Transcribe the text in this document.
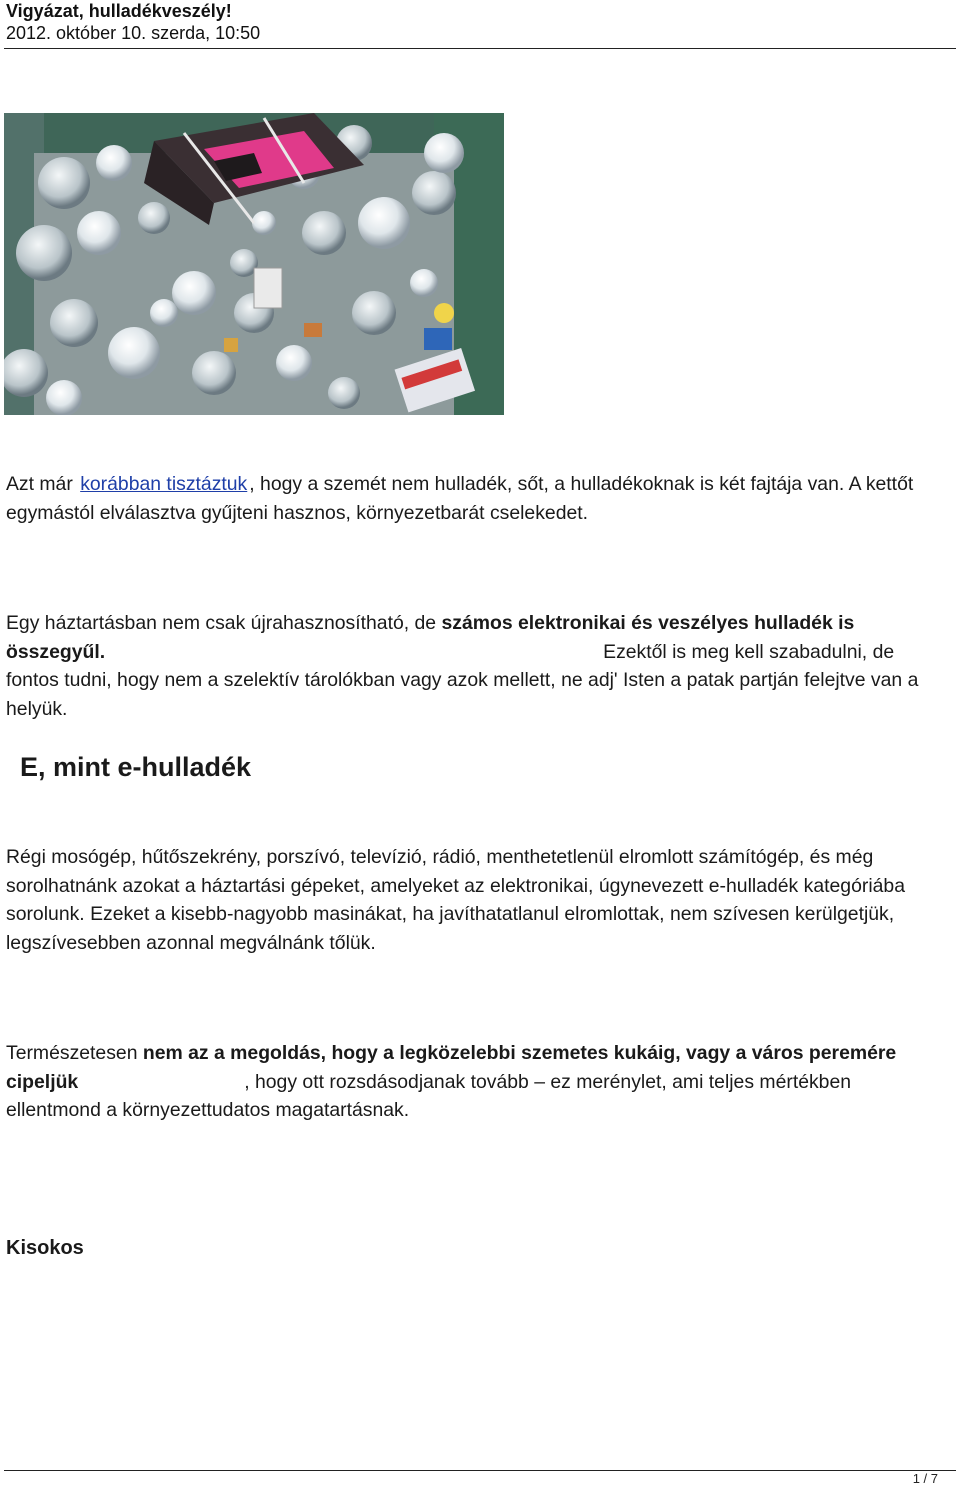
Vigyázat, hulladékveszély!
2012. október 10. szerda, 10:50
Azt már korábban tisztáztuk , hogy a szemét nem hulladék, sőt, a hulladékoknak is két fajtája van. A kettőt egymástól elválasztva gyűjteni hasznos, környezetbarát cselekedet.
Egy háztartásban nem csak újrahasznosítható, de számos elektronikai és veszélyes hulladék is összegyűl.	Ezektől is meg kell szabadulni, de fontos tudni, hogy nem a szelektív tárolókban vagy azok mellett, ne adj' Isten a patak partján felejtve van a helyük.
E, mint e-hulladék
Régi mosógép, hűtőszekrény, porszívó, televízió, rádió, menthetetlenül elromlott számítógép, és még sorolhatnánk azokat a háztartási gépeket, amelyeket az elektronikai, úgynevezett e-hulladék kategóriába sorolunk. Ezeket a kisebb-nagyobb masinákat, ha javíthatatlanul elromlottak, nem szívesen kerülgetjük, legszívesebben azonnal megválnánk tőlük.
Természetesen nem az a megoldás, hogy a legközelebbi szemetes kukáig, vagy a város peremére cipeljük	, hogy ott rozsdásodjanak tovább – ez merénylet, ami teljes mértékben ellentmond a környezettudatos magatartásnak.
Kisokos
1 / 7
